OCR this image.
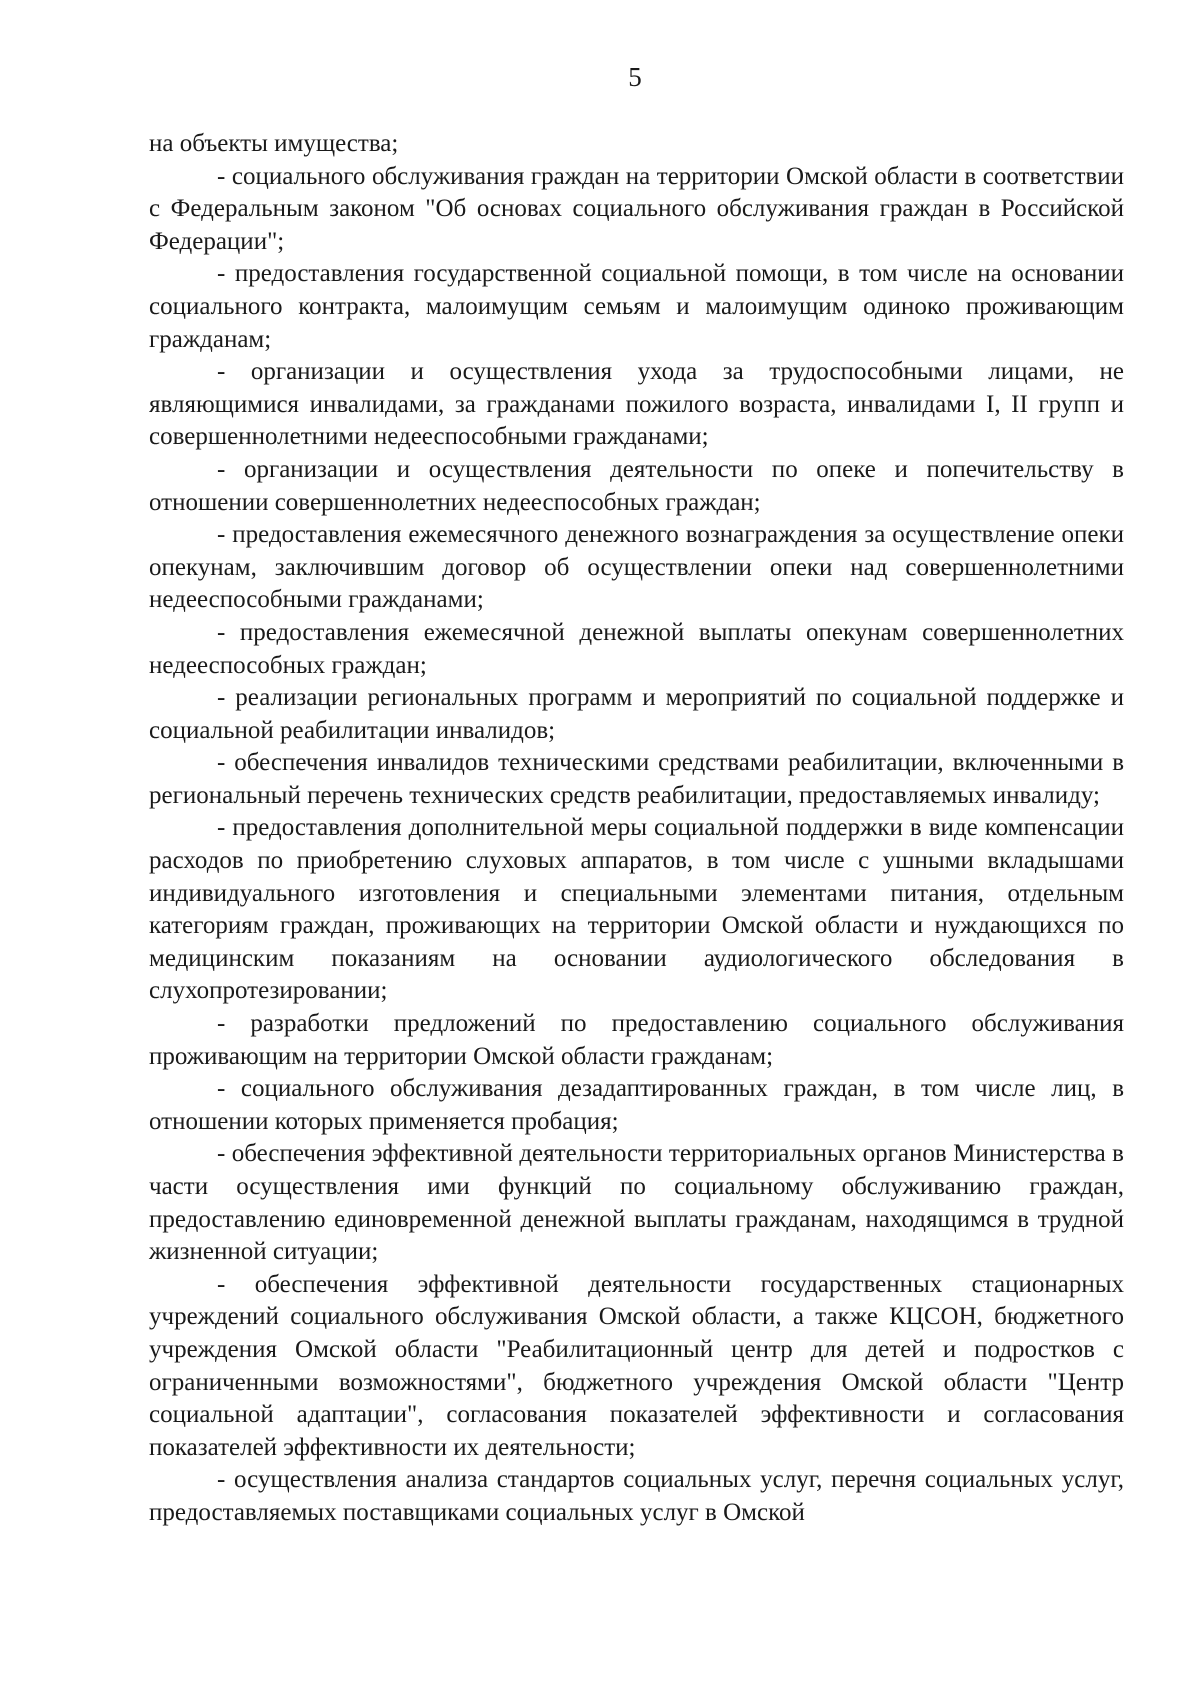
5

на объекты имущества;

- социального обслуживания граждан на территории Омской области в соответствии с Федеральным законом "Об основах социального обслуживания граждан в Российской Федерации";

- предоставления государственной социальной помощи, в том числе на основании социального контракта, малоимущим семьям и малоимущим одиноко проживающим гражданам;

- организации и осуществления ухода за трудоспособными лицами, не являющимися инвалидами, за гражданами пожилого возраста, инвалидами I, II групп и совершеннолетними недееспособными гражданами;

- организации и осуществления деятельности по опеке и попечительству в отношении совершеннолетних недееспособных граждан;

- предоставления ежемесячного денежного вознаграждения за осуществление опеки опекунам, заключившим договор об осуществлении опеки над совершеннолетними недееспособными гражданами;

- предоставления ежемесячной денежной выплаты опекунам совершеннолетних недееспособных граждан;

- реализации региональных программ и мероприятий по социальной поддержке и социальной реабилитации инвалидов;

- обеспечения инвалидов техническими средствами реабилитации, включенными в региональный перечень технических средств реабилитации, предоставляемых инвалиду;

- предоставления дополнительной меры социальной поддержки в виде компенсации расходов по приобретению слуховых аппаратов, в том числе с ушными вкладышами индивидуального изготовления и специальными элементами питания, отдельным категориям граждан, проживающих на территории Омской области и нуждающихся по медицинским показаниям на основании аудиологического обследования в слухопротезировании;

- разработки предложений по предоставлению социального обслуживания проживающим на территории Омской области гражданам;

- социального обслуживания дезадаптированных граждан, в том числе лиц, в отношении которых применяется пробация;

- обеспечения эффективной деятельности территориальных органов Министерства в части осуществления ими функций по социальному обслуживанию граждан, предоставлению единовременной денежной выплаты гражданам, находящимся в трудной жизненной ситуации;

- обеспечения эффективной деятельности государственных стационарных учреждений социального обслуживания Омской области, а также КЦСОН, бюджетного учреждения Омской области "Реабилитационный центр для детей и подростков с ограниченными возможностями", бюджетного учреждения Омской области "Центр социальной адаптации", согласования показателей эффективности и согласования показателей эффективности их деятельности;

- осуществления анализа стандартов социальных услуг, перечня социальных услуг, предоставляемых поставщиками социальных услуг в Омской
